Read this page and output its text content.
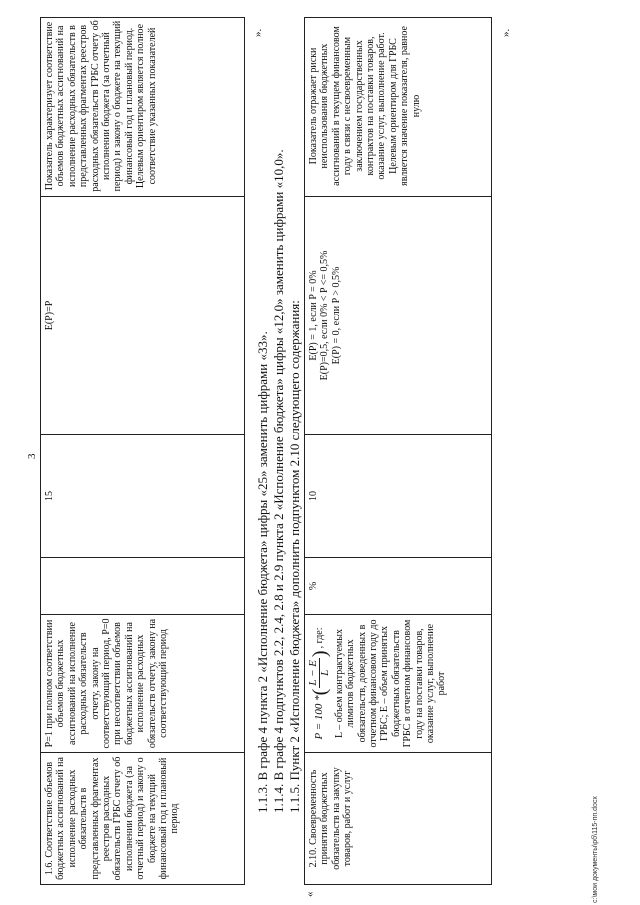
3
1.6. Соответствие объемов бюджетных ассигнований на исполнение расходных обязательств в представленных фрагментах реестров расходных обязательств ГРБС отчету об исполнении бюджета (за отчетный период) и закону о бюджете на текущий финансовый год и плановый период
P=1 при полном соответствии объемов бюджетных ассигнований на исполнение расходных обязательств отчету, закону на соответствующий период, P=0 при несоответствии объемов бюджетных ассигнований на исполнение расходных обязательств отчету, закону на соответствующий период
15
E(P)=P
Показатель характеризует соответствие объемов бюджетных ассигнований на исполнение расходных обязательств в представленных фрагментах реестров расходных обязательств ГРБС отчету об исполнении бюджета (за отчетный период) и закону о бюджете на текущий финансовый год и плановый период. Целевым ориентиром является полное соответствие указанных показателей	».
1.1.3. В графе 4 пункта 2 «Исполнение бюджета» цифры «25» заменить цифрами «33». 1.1.4. В графе 4 подпунктов 2.2, 2.4, 2.8 и 2.9 пункта 2 «Исполнение бюджета» цифры «12,0» заменить цифрами «10,0». 1.1.5. Пункт 2 «Исполнение бюджета» дополнить подпунктом 2.10 следующего содержания:
«
2.10. Своевременность принятия бюджетных обязательств на закупку товаров, работ и услуг
P = 100 *
(
L − E L
)
, где: L – объем контрактуемых лимитов бюджетных обязательств, доведенных в отчетном финансовом году до ГРБС; E – объем принятых бюджетных обязательств ГРБС в отчетном финансовом году на поставки товаров, оказание услуг, выполнение работ
%
10
E(P) = 1, если P = 0% E(P)=0,5, если 0% < P <= 0,5% E(P) = 0, если P > 0,5%
Показатель отражает риски неиспользования бюджетных ассигнований в текущем финансовом году в связи с несвоевременным заключением государственных контрактов на поставки товаров, оказание услуг, выполнение работ. Целевым ориентиром для ГРБС является значение показателя, равное нулю
».
c:\мои документы\рб\115-пп.docx
